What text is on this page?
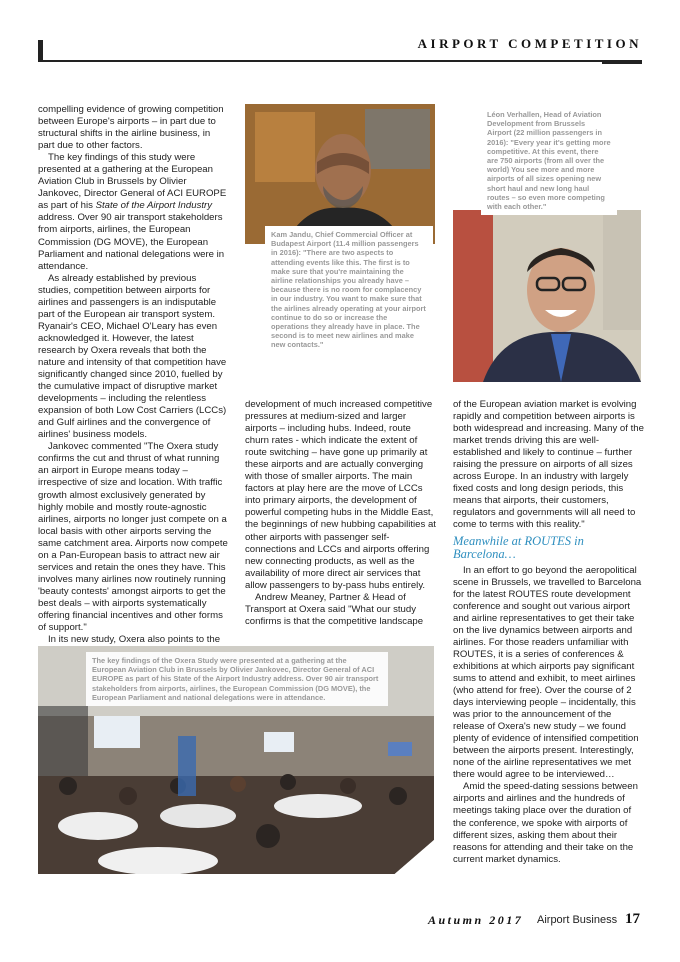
AIRPORT COMPETITION

compelling evidence of growing competition between Europe's airports – in part due to structural shifts in the airline business, in part due to other factors.

The key findings of this study were presented at a gathering at the European Aviation Club in Brussels by Olivier Jankovec, Director General of ACI EUROPE as part of his State of the Airport Industry address. Over 90 air transport stakeholders from airports, airlines, the European Commission (DG MOVE), the European Parliament and national delegations were in attendance.

As already established by previous studies, competition between airports for airlines and passengers is an indisputable part of the European air transport system. Ryanair's CEO, Michael O'Leary has even acknowledged it. However, the latest research by Oxera reveals that both the nature and intensity of that competition have significantly changed since 2010, fuelled by the cumulative impact of disruptive market developments – including the relentless expansion of both Low Cost Carriers (LCCs) and Gulf airlines and the convergence of airlines' business models.

Jankovec commented "The Oxera study confirms the cut and thrust of what running an airport in Europe means today – irrespective of size and location. With traffic growth almost exclusively generated by highly mobile and mostly route-agnostic airlines, airports no longer just compete on a local basis with other airports serving the same catchment area. Airports now compete on a Pan-European basis to attract new air services and retain the ones they have. This involves many airlines now routinely running 'beauty contests' amongst airports to get the best deals – with airports systematically offering financial incentives and other forms of support."

In its new study, Oxera also points to the

Kam Jandu, Chief Commercial Officer at Budapest Airport (11.4 million passengers in 2016): "There are two aspects to attending events like this. The first is to make sure that you're maintaining the airline relationships you already have – because there is no room for complacency in our industry. You want to make sure that the airlines already operating at your airport continue to do so or increase the operations they already have in place. The second is to meet new airlines and make new contacts."
Léon Verhallen, Head of Aviation Development from Brussels Airport (22 million passengers in 2016): "Every year it's getting more competitive. At this event, there are 750 airports (from all over the world) You see more and more airports of all sizes opening new short haul and new long haul routes – so even more competing with each other."

development of much increased competitive pressures at medium-sized and larger airports – including hubs. Indeed, route churn rates - which indicate the extent of route switching – have gone up primarily at these airports and are actually converging with those of smaller airports. The main factors at play here are the move of LCCs into primary airports, the development of powerful competing hubs in the Middle East, the beginnings of new hubbing capabilities at other airports with passenger self-connections and LCCs and airports offering new connecting products, as well as the availability of more direct air services that allow passengers to by-pass hubs entirely.

Andrew Meaney, Partner & Head of Transport at Oxera said "What our study confirms is that the competitive landscape

of the European aviation market is evolving rapidly and competition between airports is both widespread and increasing. Many of the market trends driving this are well-established and likely to continue – further raising the pressure on airports of all sizes across Europe. In an industry with largely fixed costs and long design periods, this means that airports, their customers, regulators and governments will all need to come to terms with this reality."

Meanwhile at ROUTES in Barcelona…

In an effort to go beyond the aeropolitical scene in Brussels, we travelled to Barcelona for the latest ROUTES route development conference and sought out various airport and airline representatives to get their take on the live dynamics between airports and airlines. For those readers unfamiliar with ROUTES, it is a series of conferences & exhibitions at which airports pay significant sums to attend and exhibit, to meet airlines (who attend for free). Over the course of 2 days interviewing people – incidentally, this was prior to the announcement of the release of Oxera's new study – we found plenty of evidence of intensified competition between the airports present. Interestingly, none of the airline representatives we met there would agree to be interviewed…

Amid the speed-dating sessions between airports and airlines and the hundreds of meetings taking place over the duration of the conference, we spoke with airports of different sizes, asking them about their reasons for attending and their take on the current market dynamics.

The key findings of the Oxera Study were presented at a gathering at the European Aviation Club in Brussels by Olivier Jankovec, Director General of ACI EUROPE as part of his State of the Airport Industry address. Over 90 air transport stakeholders from airports, airlines, the European Commission (DG MOVE), the European Parliament and national delegations were in attendance.
Autumn 2017 Airport Business 17
